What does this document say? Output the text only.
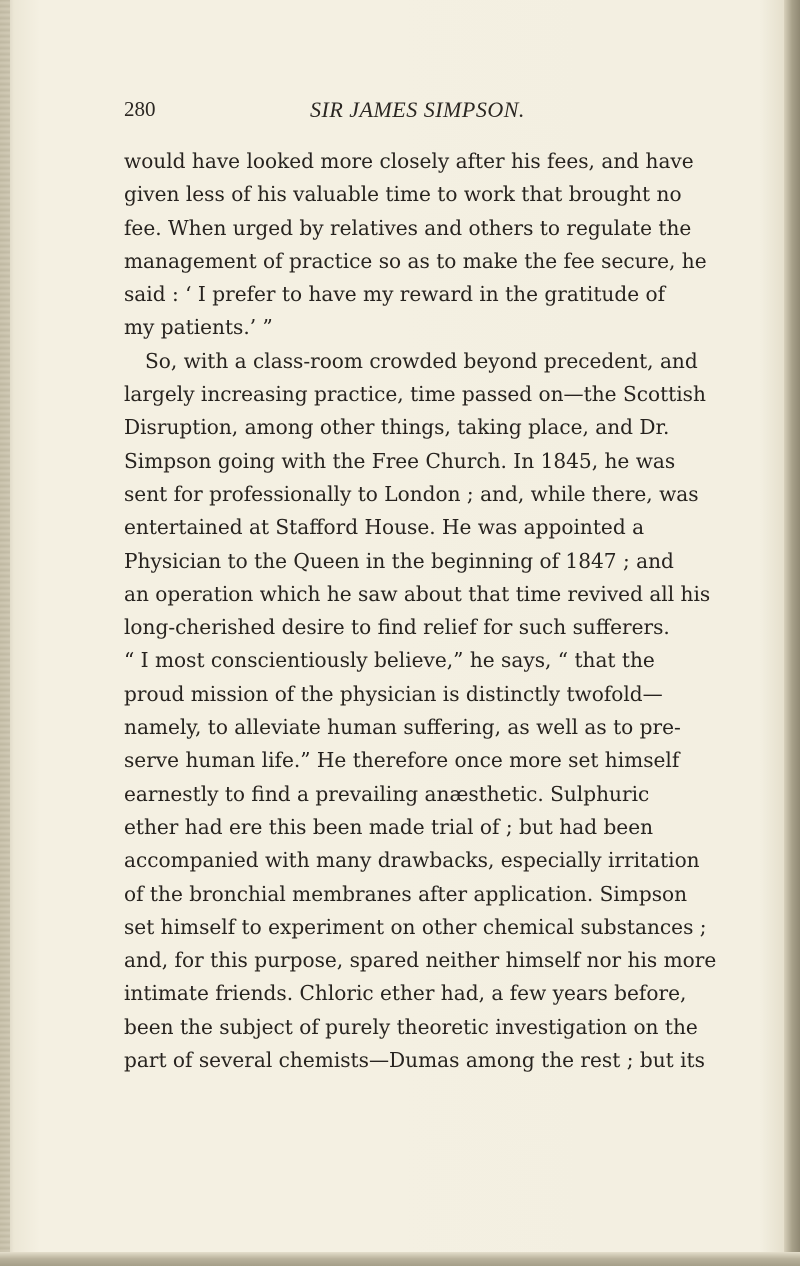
280	SIR JAMES SIMPSON.
would have looked more closely after his fees, and have
given less of his valuable time to work that brought no
fee. When urged by relatives and others to regulate the
management of practice so as to make the fee secure, he
said : ‘ I prefer to have my reward in the gratitude of
my patients.’ ”
So, with a class-room crowded beyond precedent, and
largely increasing practice, time passed on—the Scottish
Disruption, among other things, taking place, and Dr.
Simpson going with the Free Church. In 1845, he was
sent for professionally to London ; and, while there, was
entertained at Stafford House. He was appointed a
Physician to the Queen in the beginning of 1847 ; and
an operation which he saw about that time revived all his
long-cherished desire to find relief for such sufferers.
“ I most conscientiously believe,” he says, “ that the
proud mission of the physician is distinctly twofold—
namely, to alleviate human suffering, as well as to pre-
serve human life.” He therefore once more set himself
earnestly to find a prevailing anæsthetic. Sulphuric
ether had ere this been made trial of ; but had been
accompanied with many drawbacks, especially irritation
of the bronchial membranes after application. Simpson
set himself to experiment on other chemical substances ;
and, for this purpose, spared neither himself nor his more
intimate friends. Chloric ether had, a few years before,
been the subject of purely theoretic investigation on the
part of several chemists—Dumas among the rest ; but its
